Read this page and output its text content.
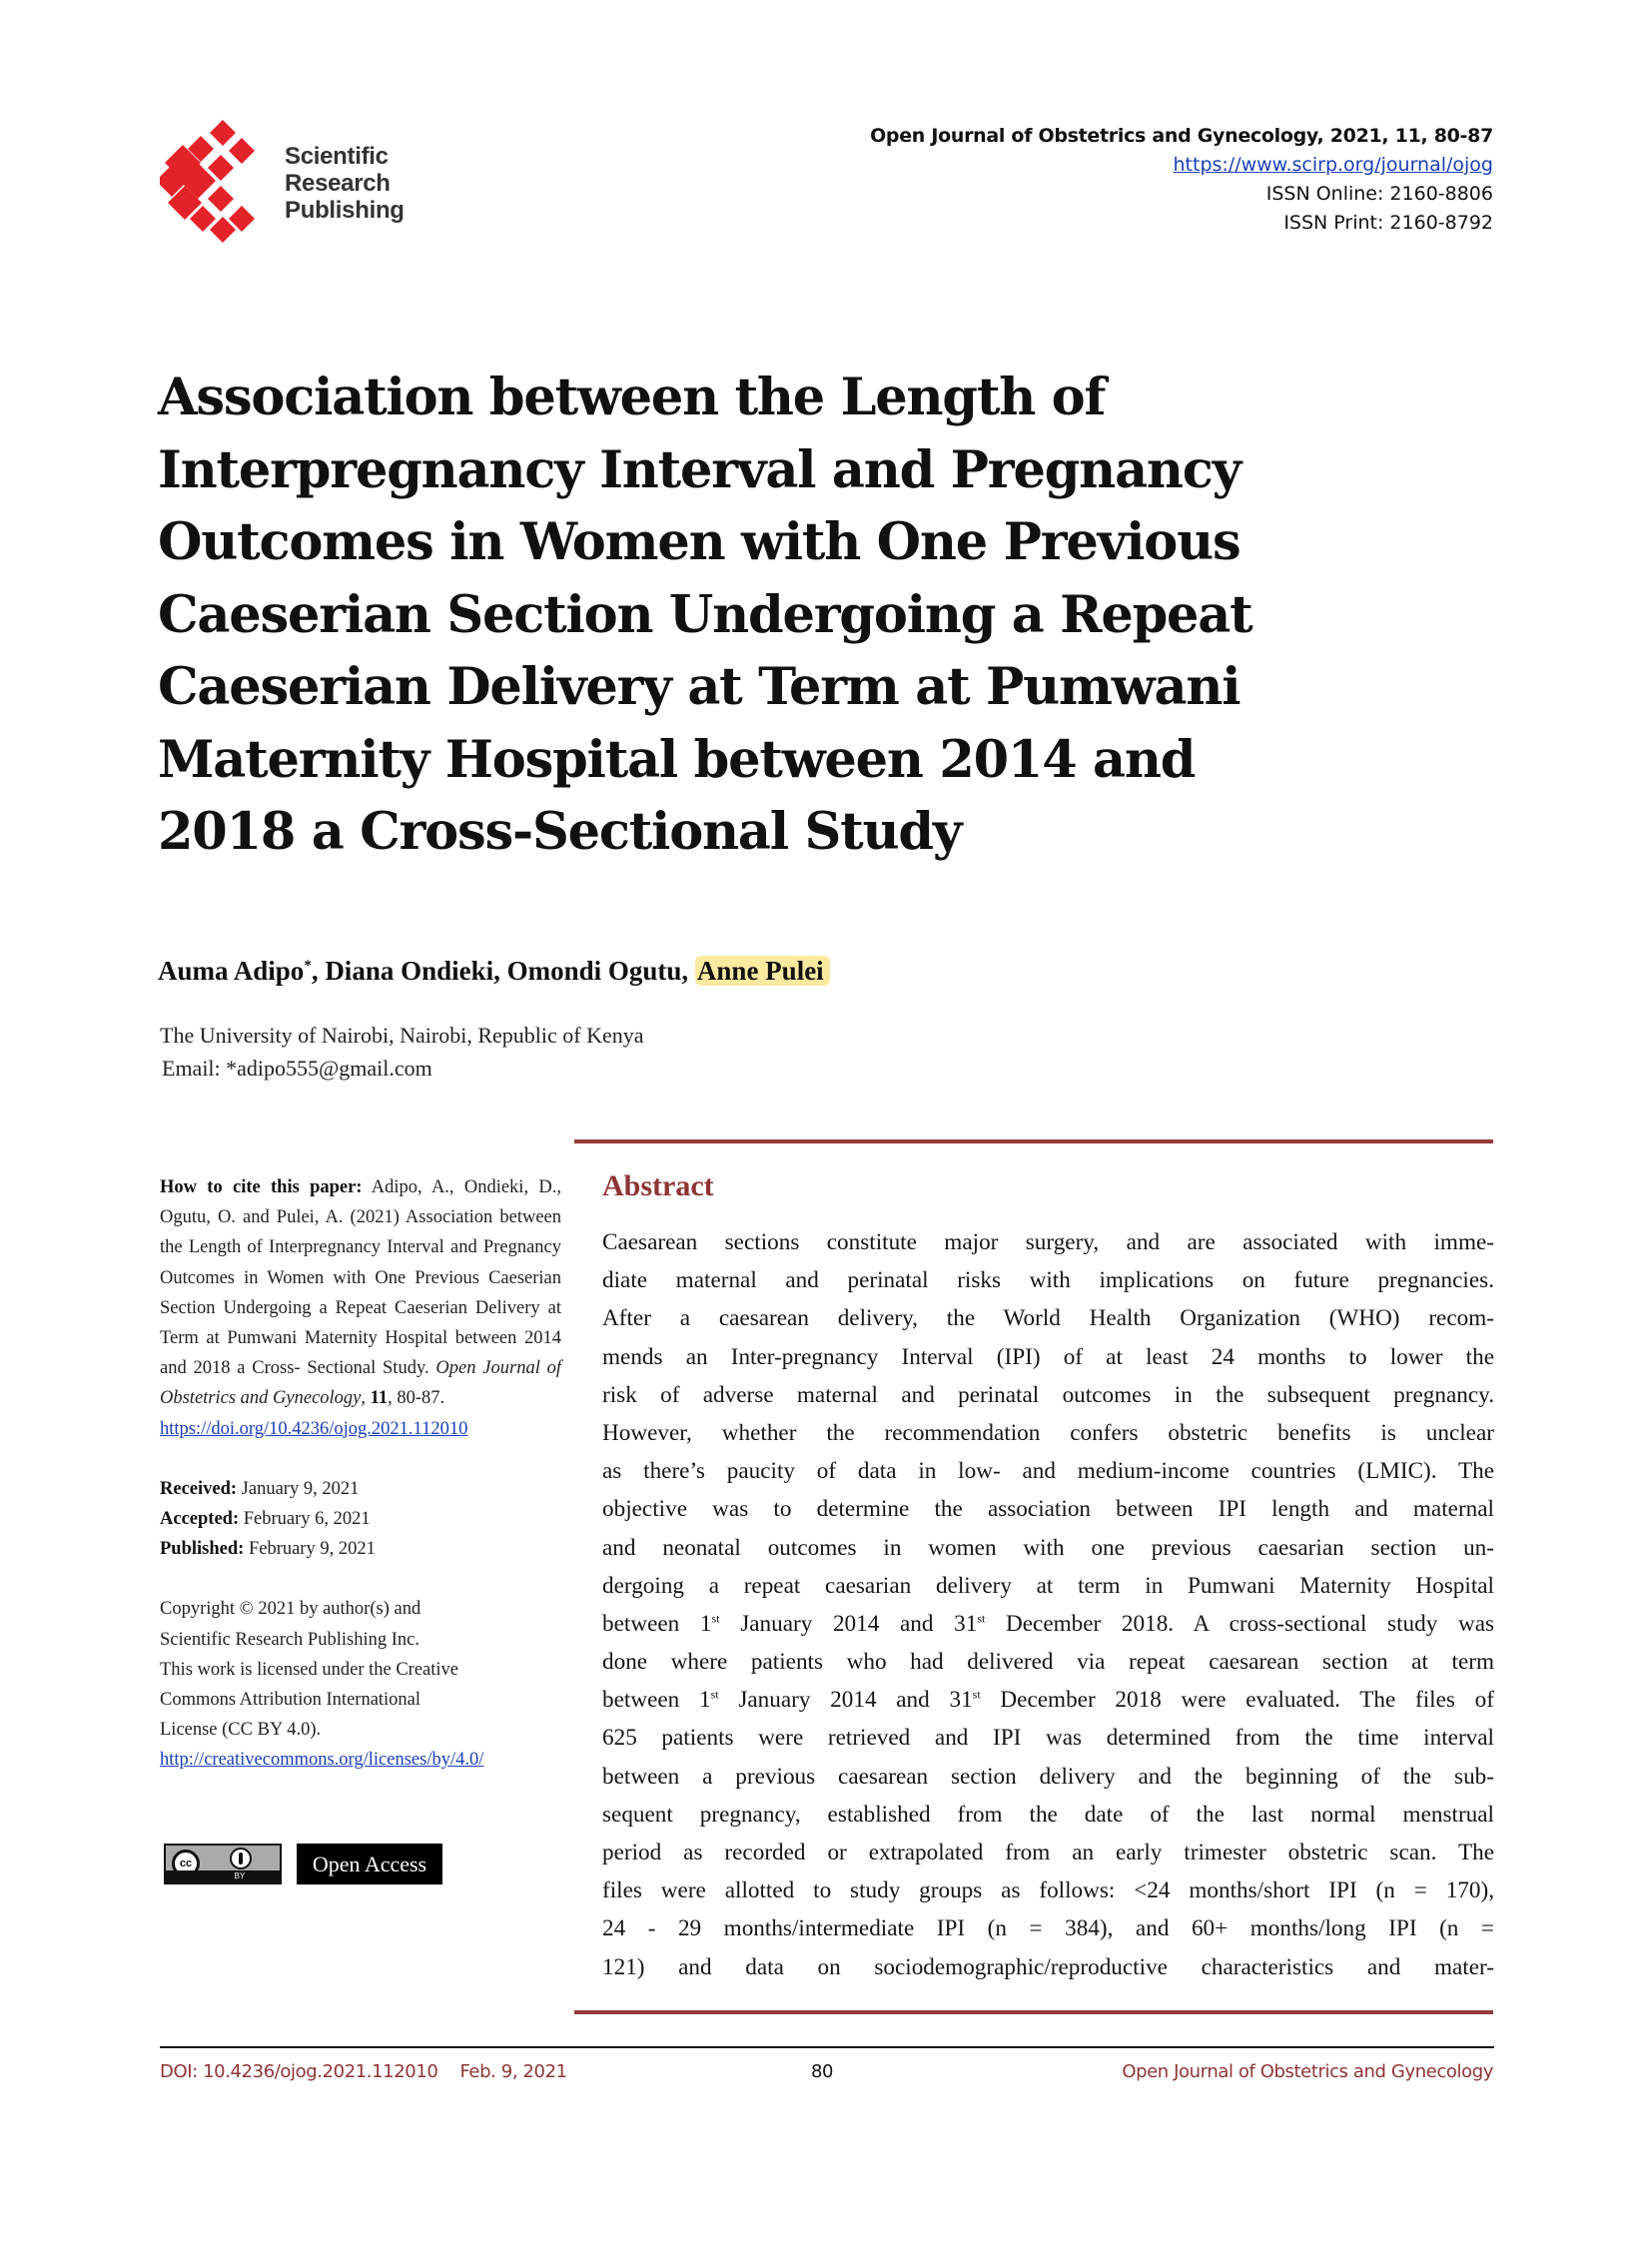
Scientific
Research
Publishing
Open Journal of Obstetrics and Gynecology, 2021, 11, 80-87
https://www.scirp.org/journal/ojog
ISSN Online: 2160-8806
ISSN Print: 2160-8792
Association between the Length of
Interpregnancy Interval and Pregnancy
Outcomes in Women with One Previous
Caeserian Section Undergoing a Repeat
Caeserian Delivery at Term at Pumwani
Maternity Hospital between 2014 and
2018 a Cross-Sectional Study
Auma Adipo*, Diana Ondieki, Omondi Ogutu, Anne Pulei
The University of Nairobi, Nairobi, Republic of Kenya
Email: *adipo555@gmail.com

How to cite this paper: Adipo, A., Ondieki, D., Ogutu, O. and Pulei, A. (2021) Association between the Length of Interpregnancy Interval and Pregnancy Outcomes in Women with One Previous Caeserian Section Undergoing a Repeat Caeserian Delivery at Term at Pumwani Maternity Hospital between 2014 and 2018 a Cross- Sectional Study. Open Journal of Obstetrics and Gynecology, 11, 80-87.

https://doi.org/10.4236/ojog.2021.112010

Received: January 9, 2021

Accepted: February 6, 2021

Published: February 9, 2021

Copyright © 2021 by author(s) and

Scientific Research Publishing Inc.

This work is licensed under the Creative

Commons Attribution International

License (CC BY 4.0).

http://creativecommons.org/licenses/by/4.0/

cc
BY	Open Access
Abstract
Caesarean sections constitute major surgery, and are associated with imme-
diate maternal and perinatal risks with implications on future pregnancies.
After a caesarean delivery, the World Health Organization (WHO) recom-
mends an Inter-pregnancy Interval (IPI) of at least 24 months to lower the
risk of adverse maternal and perinatal outcomes in the subsequent pregnancy.
However, whether the recommendation confers obstetric benefits is unclear
as there’s paucity of data in low- and medium-income countries (LMIC). The
objective was to determine the association between IPI length and maternal
and neonatal outcomes in women with one previous caesarian section un-
dergoing a repeat caesarian delivery at term in Pumwani Maternity Hospital
between 1st January 2014 and 31st December 2018. A cross-sectional study was
done where patients who had delivered via repeat caesarean section at term
between 1st January 2014 and 31st December 2018 were evaluated. The files of
625 patients were retrieved and IPI was determined from the time interval
between a previous caesarean section delivery and the beginning of the sub-
sequent pregnancy, established from the date of the last normal menstrual
period as recorded or extrapolated from an early trimester obstetric scan. The
files were allotted to study groups as follows: <24 months/short IPI (n = 170),
24 - 29 months/intermediate IPI (n = 384), and 60+ months/long IPI (n =
121) and data on sociodemographic/reproductive characteristics and mater-
DOI: 10.4236/ojog.2021.112010 Feb. 9, 2021	80	Open Journal of Obstetrics and Gynecology
